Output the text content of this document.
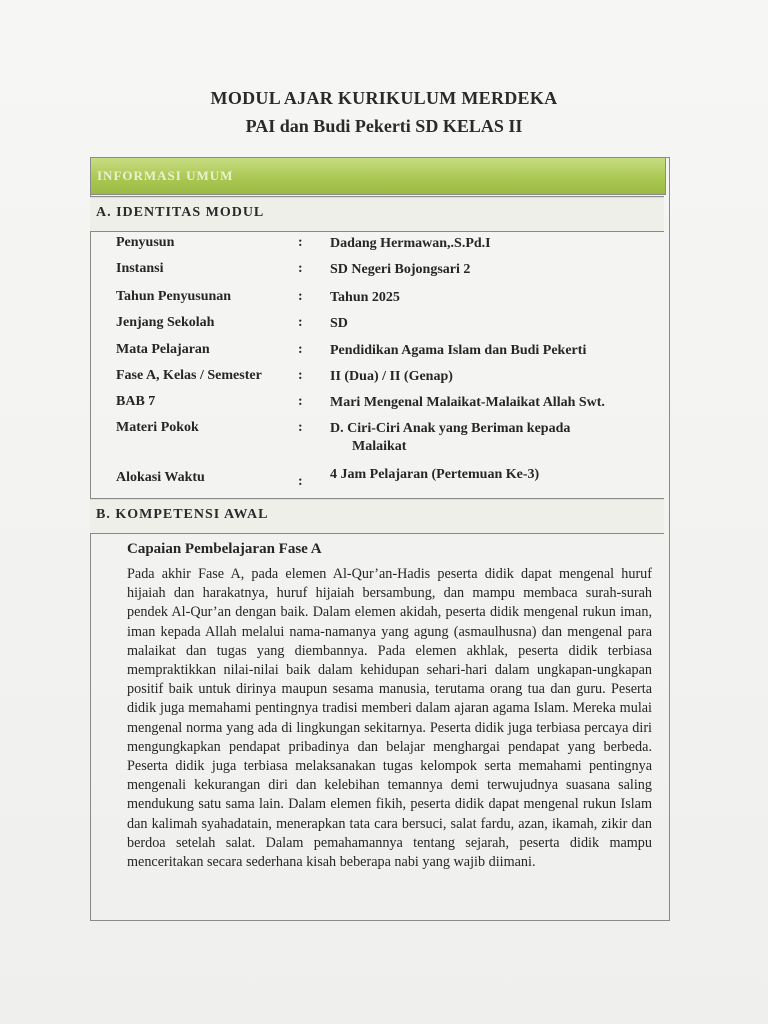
MODUL AJAR KURIKULUM MERDEKA
PAI dan Budi Pekerti SD KELAS II
INFORMASI UMUM
A. IDENTITAS MODUL
Penyusun	: Dadang Hermawan,.S.Pd.I
Instansi	: SD Negeri Bojongsari 2
Tahun Penyusunan	: Tahun 2025
Jenjang Sekolah	: SD
Mata Pelajaran	: Pendidikan Agama Islam dan Budi Pekerti
Fase A, Kelas / Semester	: II (Dua) / II (Genap)
BAB 7	: Mari Mengenal Malaikat-Malaikat Allah Swt.
Materi Pokok	: D. Ciri-Ciri Anak yang Beriman kepada
Malaikat
Alokasi Waktu	: 4 Jam Pelajaran (Pertemuan Ke-3)
B. KOMPETENSI AWAL
Capaian Pembelajaran Fase A
Pada akhir Fase A, pada elemen Al-Qur’an-Hadis peserta didik dapat mengenal huruf hijaiah dan harakatnya, huruf hijaiah bersambung, dan mampu membaca surah-surah pendek Al-Qur’an dengan baik. Dalam elemen akidah, peserta didik mengenal rukun iman, iman kepada Allah melalui nama-namanya yang agung (asmaulhusna) dan mengenal para malaikat dan tugas yang diembannya. Pada elemen akhlak, peserta didik terbiasa mempraktikkan nilai-nilai baik dalam kehidupan sehari-hari dalam ungkapan-ungkapan positif baik untuk dirinya maupun sesama manusia, terutama orang tua dan guru. Peserta didik juga memahami pentingnya tradisi memberi dalam ajaran agama Islam. Mereka mulai mengenal norma yang ada di lingkungan sekitarnya. Peserta didik juga terbiasa percaya diri mengungkapkan pendapat pribadinya dan belajar menghargai pendapat yang berbeda. Peserta didik juga terbiasa melaksanakan tugas kelompok serta memahami pentingnya mengenali kekurangan diri dan kelebihan temannya demi terwujudnya suasana saling mendukung satu sama lain. Dalam elemen fikih, peserta didik dapat mengenal rukun Islam dan kalimah syahadatain, menerapkan tata cara bersuci, salat fardu, azan, ikamah, zikir dan berdoa setelah salat. Dalam pemahamannya tentang sejarah, peserta didik mampu menceritakan secara sederhana kisah beberapa nabi yang wajib diimani.
